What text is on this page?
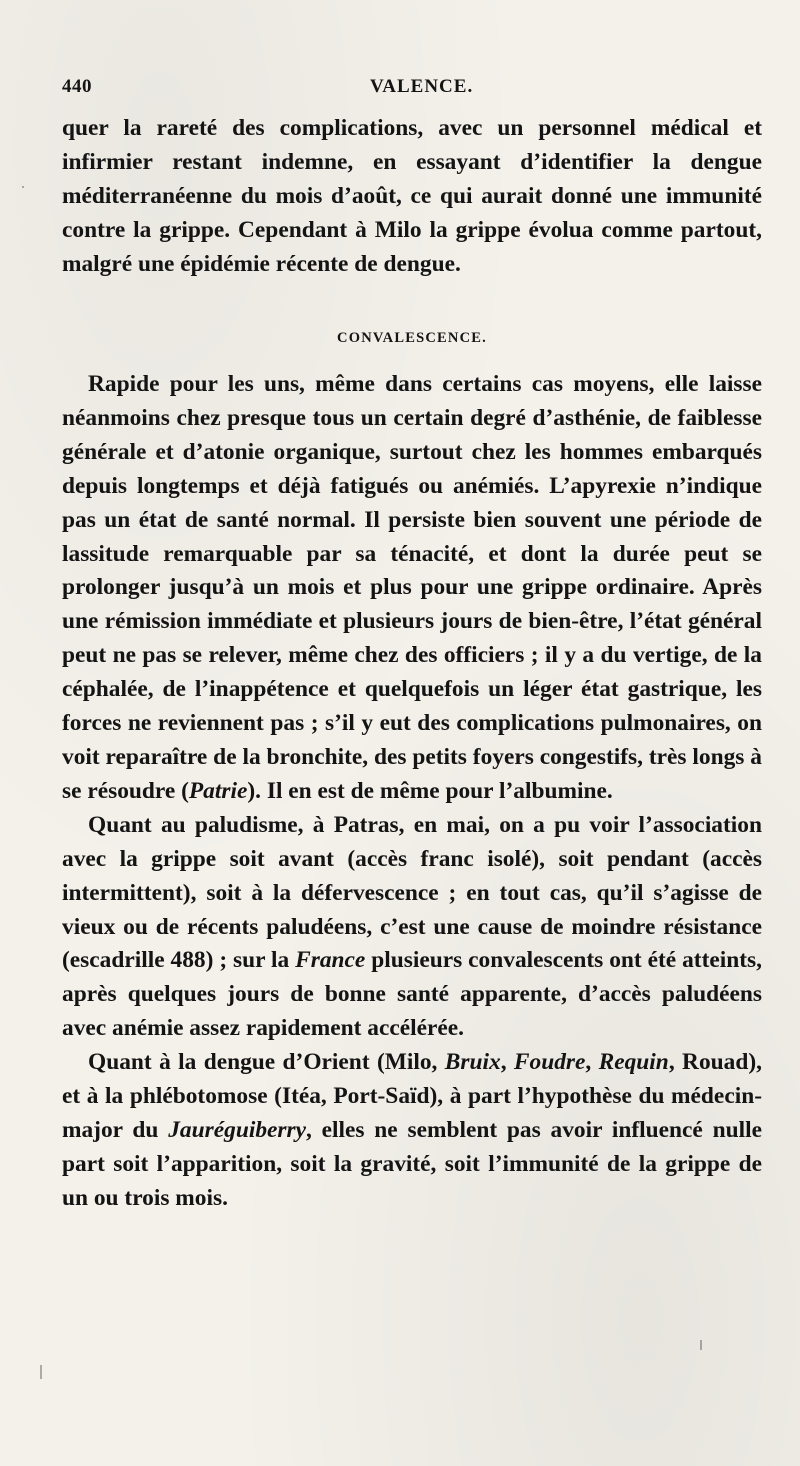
440	VALENCE.

quer la rareté des complications, avec un personnel médical et infirmier restant indemne, en essayant d’identifier la dengue méditerranéenne du mois d’août, ce qui aurait donné une immunité contre la grippe. Cependant à Milo la grippe évolua comme partout, malgré une épidémie récente de dengue.

CONVALESCENCE.

Rapide pour les uns, même dans certains cas moyens, elle laisse néanmoins chez presque tous un certain degré d’asthénie, de faiblesse générale et d’atonie organique, surtout chez les hommes embarqués depuis longtemps et déjà fatigués ou anémiés. L’apyrexie n’indique pas un état de santé normal. Il persiste bien souvent une période de lassitude remarquable par sa ténacité, et dont la durée peut se prolonger jusqu’à un mois et plus pour une grippe ordinaire. Après une rémission immédiate et plusieurs jours de bien-être, l’état général peut ne pas se relever, même chez des officiers ; il y a du vertige, de la céphalée, de l’inappétence et quelquefois un léger état gastrique, les forces ne reviennent pas ; s’il y eut des complications pulmonaires, on voit reparaître de la bronchite, des petits foyers congestifs, très longs à se résoudre (Patrie). Il en est de même pour l’albumine.

Quant au paludisme, à Patras, en mai, on a pu voir l’association avec la grippe soit avant (accès franc isolé), soit pendant (accès intermittent), soit à la défervescence ; en tout cas, qu’il s’agisse de vieux ou de récents paludéens, c’est une cause de moindre résistance (escadrille 488) ; sur la France plusieurs convalescents ont été atteints, après quelques jours de bonne santé apparente, d’accès paludéens avec anémie assez rapidement accélérée.

Quant à la dengue d’Orient (Milo, Bruix, Foudre, Requin, Rouad), et à la phlébotomose (Itéa, Port-Saïd), à part l’hypothèse du médecin-major du Jauréguiberry, elles ne semblent pas avoir influencé nulle part soit l’apparition, soit la gravité, soit l’immunité de la grippe de un ou trois mois.
